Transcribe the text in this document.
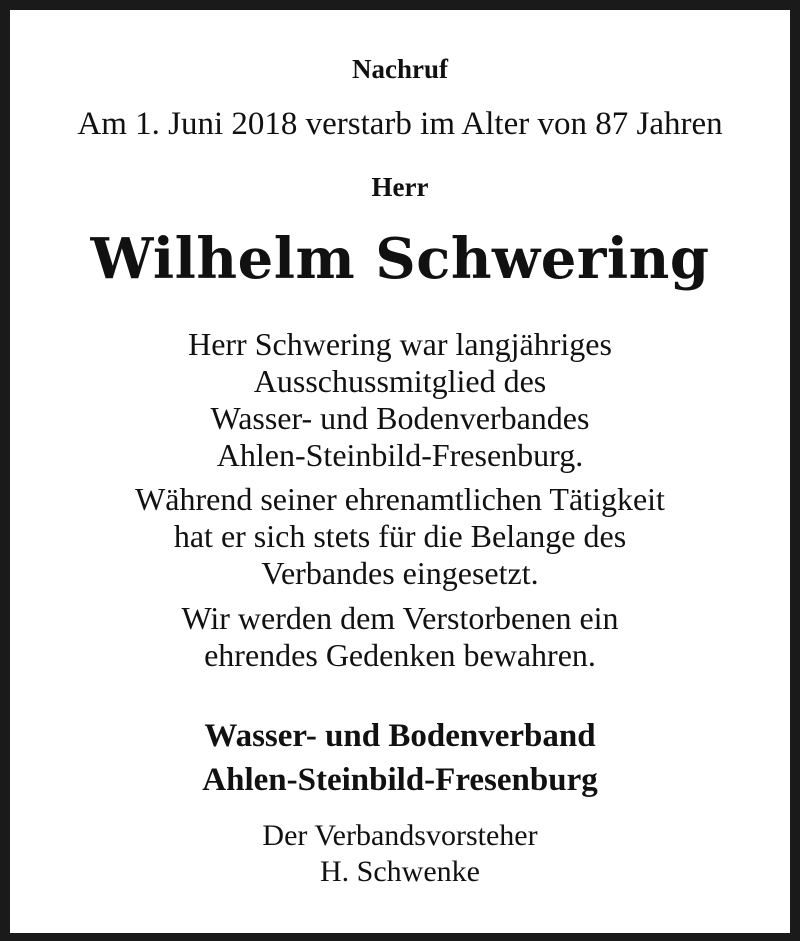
Nachruf
Am 1. Juni 2018 verstarb im Alter von 87 Jahren
Herr
Wilhelm Schwering
Herr Schwering war langjähriges
Ausschussmitglied des
Wasser- und Bodenverbandes
Ahlen-Steinbild-Fresenburg.
Während seiner ehrenamtlichen Tätigkeit
hat er sich stets für die Belange des
Verbandes eingesetzt.
Wir werden dem Verstorbenen ein
ehrendes Gedenken bewahren.
Wasser- und Bodenverband
Ahlen-Steinbild-Fresenburg
Der Verbandsvorsteher
H. Schwenke
